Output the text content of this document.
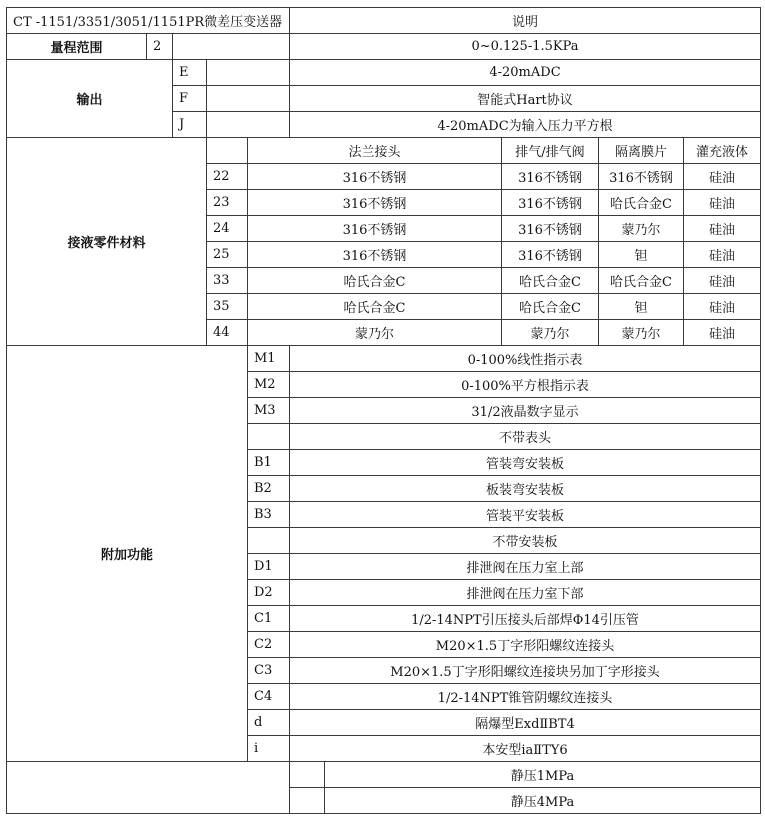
CT -1151/3351/3051/1151PR微差压变送器	说明
量程范围	2	0~0.125-1.5KPa
输出
E	4-20mADC
F	智能式Hart协议
J	4-20mADC为输入压力平方根
接液零件材料
法兰接头	排气/排气阀	隔离膜片	灌充液体
22	316不锈钢	316不锈钢	316不锈钢	硅油
23	316不锈钢	316不锈钢	哈氏合金C	硅油
24	316不锈钢	316不锈钢	蒙乃尔	硅油
25	316不锈钢	316不锈钢	钽	硅油
33	哈氏合金C	哈氏合金C	哈氏合金C	硅油
35	哈氏合金C	哈氏合金C	钽	硅油
44	蒙乃尔	蒙乃尔	蒙乃尔	硅油
附加功能
M1	0-100%线性指示表
M2	0-100%平方根指示表
M3	31/2液晶数字显示
不带表头
B1	管装弯安装板
B2	板装弯安装板
B3	管装平安装板
不带安装板
D1	排泄阀在压力室上部
D2	排泄阀在压力室下部
C1	1/2-14NPT引压接头后部焊Φ14引压管
C2	M20×1.5丁字形阳螺纹连接头
C3	M20×1.5丁字形阳螺纹连接块另加丁字形接头
C4	1/2-14NPT锥管阴螺纹连接头
d	隔爆型ExdⅡBT4
i	本安型iaⅡTY6
静压1MPa
静压4MPa
